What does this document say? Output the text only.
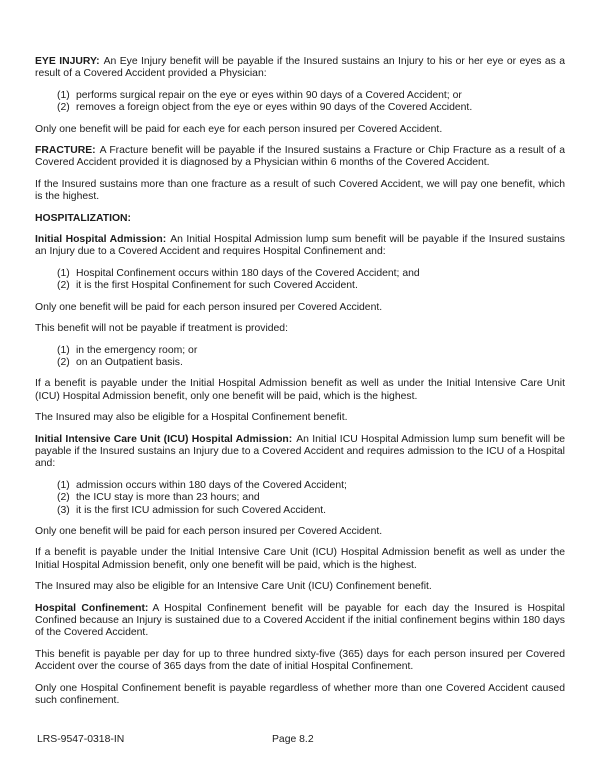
EYE INJURY: An Eye Injury benefit will be payable if the Insured sustains an Injury to his or her eye or eyes as a result of a Covered Accident provided a Physician:

(1) performs surgical repair on the eye or eyes within 90 days of a Covered Accident; or
(2) removes a foreign object from the eye or eyes within 90 days of the Covered Accident.

Only one benefit will be paid for each eye for each person insured per Covered Accident.

FRACTURE: A Fracture benefit will be payable if the Insured sustains a Fracture or Chip Fracture as a result of a Covered Accident provided it is diagnosed by a Physician within 6 months of the Covered Accident.

If the Insured sustains more than one fracture as a result of such Covered Accident, we will pay one benefit, which is the highest.

HOSPITALIZATION:

Initial Hospital Admission: An Initial Hospital Admission lump sum benefit will be payable if the Insured sustains an Injury due to a Covered Accident and requires Hospital Confinement and:

(1) Hospital Confinement occurs within 180 days of the Covered Accident; and
(2) it is the first Hospital Confinement for such Covered Accident.

Only one benefit will be paid for each person insured per Covered Accident.

This benefit will not be payable if treatment is provided:

(1) in the emergency room; or
(2) on an Outpatient basis.

If a benefit is payable under the Initial Hospital Admission benefit as well as under the Initial Intensive Care Unit (ICU) Hospital Admission benefit, only one benefit will be paid, which is the highest.

The Insured may also be eligible for a Hospital Confinement benefit.

Initial Intensive Care Unit (ICU) Hospital Admission: An Initial ICU Hospital Admission lump sum benefit will be payable if the Insured sustains an Injury due to a Covered Accident and requires admission to the ICU of a Hospital and:

(1) admission occurs within 180 days of the Covered Accident;
(2) the ICU stay is more than 23 hours; and
(3) it is the first ICU admission for such Covered Accident.

Only one benefit will be paid for each person insured per Covered Accident.

If a benefit is payable under the Initial Intensive Care Unit (ICU) Hospital Admission benefit as well as under the Initial Hospital Admission benefit, only one benefit will be paid, which is the highest.

The Insured may also be eligible for an Intensive Care Unit (ICU) Confinement benefit.

Hospital Confinement: A Hospital Confinement benefit will be payable for each day the Insured is Hospital Confined because an Injury is sustained due to a Covered Accident if the initial confinement begins within 180 days of the Covered Accident.

This benefit is payable per day for up to three hundred sixty-five (365) days for each person insured per Covered Accident over the course of 365 days from the date of initial Hospital Confinement.

Only one Hospital Confinement benefit is payable regardless of whether more than one Covered Accident caused such confinement.

LRS-9547-0318-IN	Page 8.2
